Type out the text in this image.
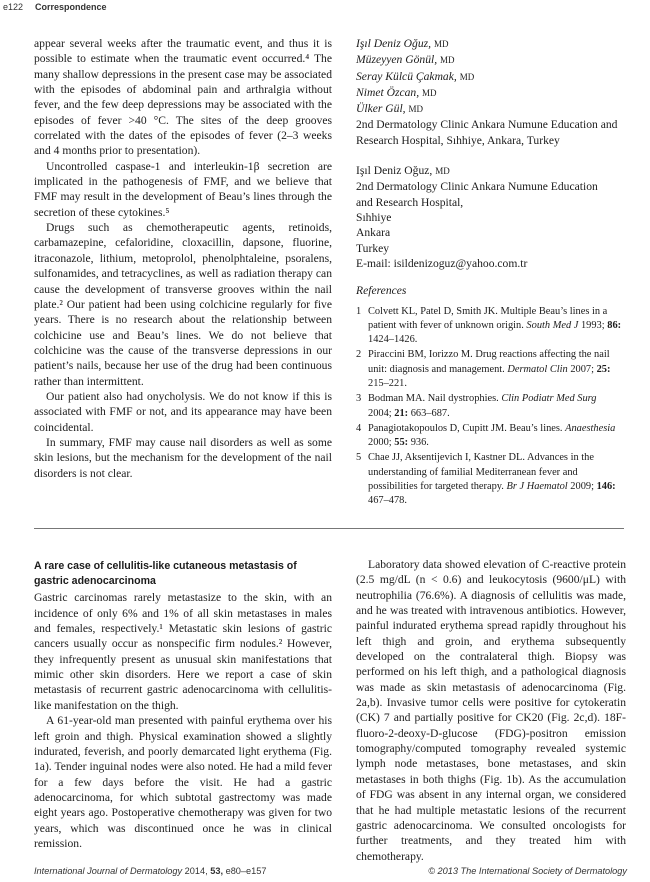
e122 Correspondence

appear several weeks after the traumatic event, and thus it is possible to estimate when the traumatic event occurred.⁴ The many shallow depressions in the present case may be associated with the episodes of abdominal pain and arthralgia without fever, and the few deep depressions may be associated with the episodes of fever >40 °C. The sites of the deep grooves correlated with the dates of the episodes of fever (2–3 weeks and 4 months prior to presentation).

Uncontrolled caspase-1 and interleukin-1β secretion are implicated in the pathogenesis of FMF, and we believe that FMF may result in the development of Beau’s lines through the secretion of these cytokines.⁵

Drugs such as chemotherapeutic agents, retinoids, carbamazepine, cefaloridine, cloxacillin, dapsone, fluorine, itraconazole, lithium, metoprolol, phenolphtaleine, psoralens, sulfonamides, and tetracyclines, as well as radiation therapy can cause the development of transverse grooves within the nail plate.² Our patient had been using colchicine regularly for five years. There is no research about the relationship between colchicine use and Beau’s lines. We do not believe that colchicine was the cause of the transverse depressions in our patient’s nails, because her use of the drug had been continuous rather than intermittent.

Our patient also had onycholysis. We do not know if this is associated with FMF or not, and its appearance may have been coincidental.

In summary, FMF may cause nail disorders as well as some skin lesions, but the mechanism for the development of the nail disorders is not clear.

Işıl Deniz Oğuz, MD
Müzeyyen Gönül, MD
Seray Külcü Çakmak, MD
Nimet Özcan, MD
Ülker Gül, MD
2nd Dermatology Clinic Ankara Numune Education and Research Hospital, Sıhhiye, Ankara, Turkey
Işıl Deniz Oğuz, MD
2nd Dermatology Clinic Ankara Numune Education
and Research Hospital,
Sıhhiye
Ankara
Turkey
E-mail: isildenizoguz@yahoo.com.tr
References
1 Colvett KL, Patel D, Smith JK. Multiple Beau’s lines in a patient with fever of unknown origin. South Med J 1993; 86: 1424–1426.
2 Piraccini BM, Iorizzo M. Drug reactions affecting the nail unit: diagnosis and management. Dermatol Clin 2007; 25: 215–221.
3 Bodman MA. Nail dystrophies. Clin Podiatr Med Surg 2004; 21: 663–687.
4 Panagiotakopoulos D, Cupitt JM. Beau’s lines. Anaesthesia 2000; 55: 936.
5 Chae JJ, Aksentijevich I, Kastner DL. Advances in the understanding of familial Mediterranean fever and possibilities for targeted therapy. Br J Haematol 2009; 146: 467–478.
A rare case of cellulitis-like cutaneous metastasis of gastric adenocarcinoma

Gastric carcinomas rarely metastasize to the skin, with an incidence of only 6% and 1% of all skin metastases in males and females, respectively.¹ Metastatic skin lesions of gastric cancers usually occur as nonspecific firm nodules.² However, they infrequently present as unusual skin manifestations that mimic other skin disorders. Here we report a case of skin metastasis of recurrent gastric adenocarcinoma with cellulitis-like manifestation on the thigh.

A 61-year-old man presented with painful erythema over his left groin and thigh. Physical examination showed a slightly indurated, feverish, and poorly demarcated light erythema (Fig. 1a). Tender inguinal nodes were also noted. He had a mild fever for a few days before the visit. He had a gastric adenocarcinoma, for which subtotal gastrectomy was made eight years ago. Postoperative chemotherapy was given for two years, which was discontinued once he was in clinical remission.

Laboratory data showed elevation of C-reactive protein (2.5 mg/dL (n < 0.6) and leukocytosis (9600/μL) with neutrophilia (76.6%). A diagnosis of cellulitis was made, and he was treated with intravenous antibiotics. However, painful indurated erythema spread rapidly throughout his left thigh and groin, and erythema subsequently developed on the contralateral thigh. Biopsy was performed on his left thigh, and a pathological diagnosis was made as skin metastasis of adenocarcinoma (Fig. 2a,b). Invasive tumor cells were positive for cytokeratin (CK) 7 and partially positive for CK20 (Fig. 2c,d). 18F-fluoro-2-deoxy-D-glucose (FDG)-positron emission tomography/computed tomography revealed systemic lymph node metastases, bone metastases, and skin metastases in both thighs (Fig. 1b). As the accumulation of FDG was absent in any internal organ, we considered that he had multiple metastatic lesions of the recurrent gastric adenocarcinoma. We consulted oncologists for further treatments, and they treated him with chemotherapy.

International Journal of Dermatology 2014, 53, e80–e157	© 2013 The International Society of Dermatology
